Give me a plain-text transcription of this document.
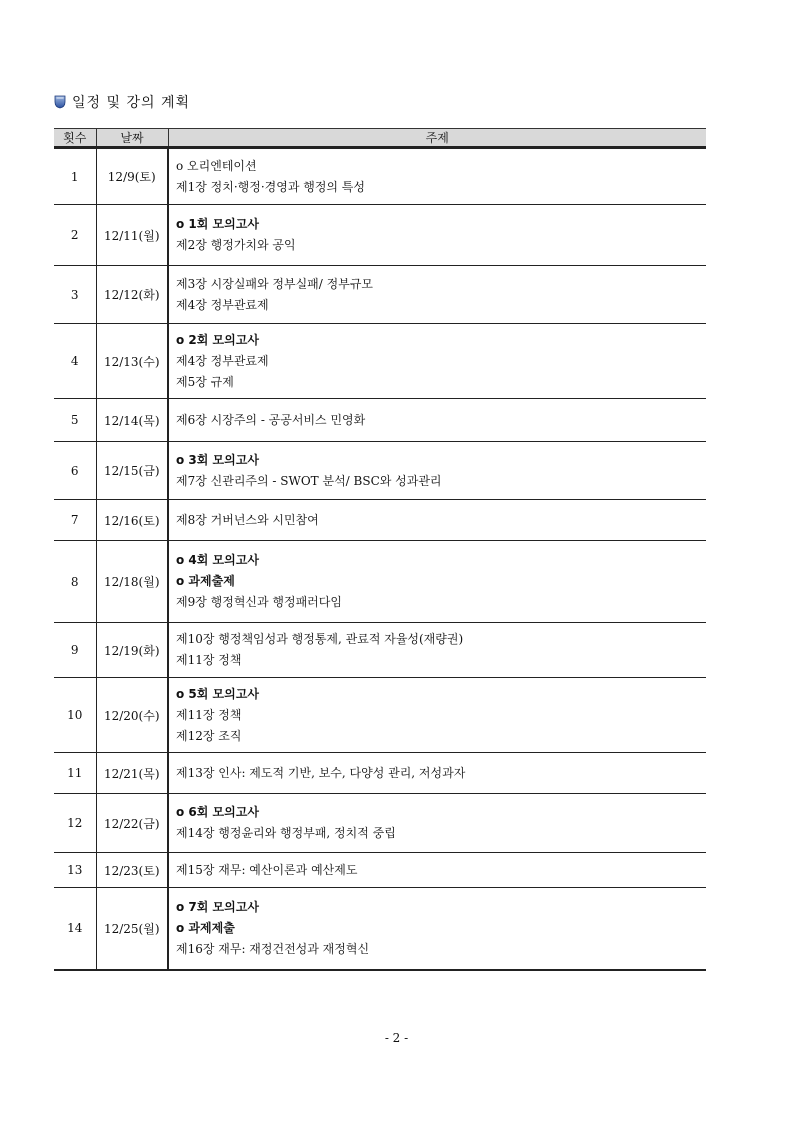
일정 및 강의 계획
횟수	날짜	주제
1	12/9(토)	o 오리엔테이션
제1장 정치·행정·경영과 행정의 특성

2	12/11(월)	o 1회 모의고사
제2장 행정가치와 공익

3	12/12(화)	제3장 시장실패와 정부실패/ 정부규모
제4장 정부관료제

4	12/13(수)	o 2회 모의고사
제4장 정부관료제
제5장 규제

5	12/14(목)	제6장 시장주의 - 공공서비스 민영화

6	12/15(금)	o 3회 모의고사
제7장 신관리주의 - SWOT 분석/ BSC와 성과관리

7	12/16(토)	제8장 거버넌스와 시민참여

8	12/18(월)	o 4회 모의고사
o 과제출제
제9장 행정혁신과 행정패러다임

9	12/19(화)	제10장 행정책임성과 행정통제, 관료적 자율성(재량권)
제11장 정책

10	12/20(수)	o 5회 모의고사
제11장 정책
제12장 조직

11	12/21(목)	제13장 인사: 제도적 기반, 보수, 다양성 관리, 저성과자

12	12/22(금)	o 6회 모의고사
제14장 행정윤리와 행정부패, 정치적 중립

13	12/23(토)	제15장 재무: 예산이론과 예산제도

14	12/25(월)	o 7회 모의고사
o 과제제출
제16장 재무: 재정건전성과 재정혁신
- 2 -
